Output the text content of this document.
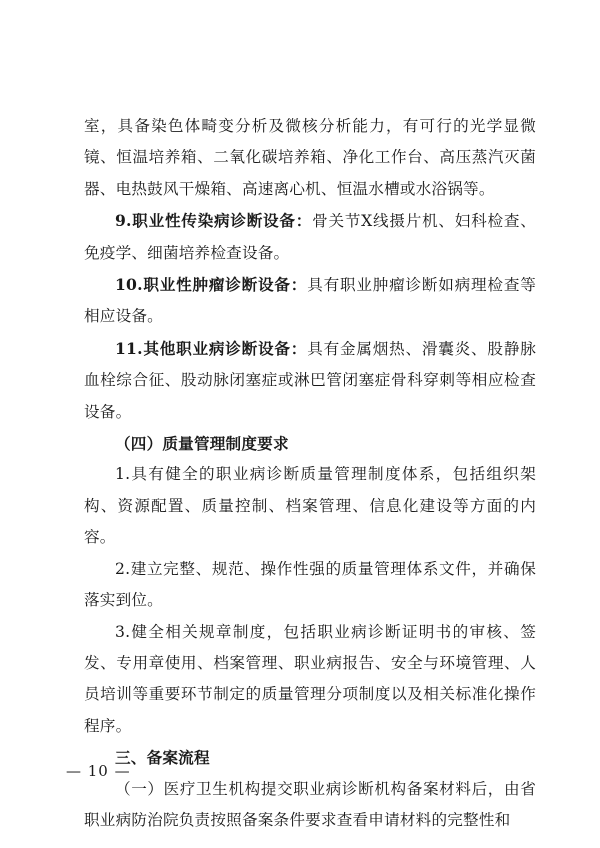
室，具备染色体畸变分析及微核分析能力，有可行的光学显微镜、恒温培养箱、二氧化碳培养箱、净化工作台、高压蒸汽灭菌器、电热鼓风干燥箱、高速离心机、恒温水槽或水浴锅等。

9.职业性传染病诊断设备：骨关节X线摄片机、妇科检查、免疫学、细菌培养检查设备。

10.职业性肿瘤诊断设备：具有职业肿瘤诊断如病理检查等相应设备。

11.其他职业病诊断设备：具有金属烟热、滑囊炎、股静脉血栓综合征、股动脉闭塞症或淋巴管闭塞症骨科穿刺等相应检查设备。

（四）质量管理制度要求

1.具有健全的职业病诊断质量管理制度体系，包括组织架构、资源配置、质量控制、档案管理、信息化建设等方面的内容。

2.建立完整、规范、操作性强的质量管理体系文件，并确保落实到位。

3.健全相关规章制度，包括职业病诊断证明书的审核、签发、专用章使用、档案管理、职业病报告、安全与环境管理、人员培训等重要环节制定的质量管理分项制度以及相关标准化操作程序。

三、备案流程

（一）医疗卫生机构提交职业病诊断机构备案材料后，由省职业病防治院负责按照备案条件要求查看申请材料的完整性和

— 10 —
